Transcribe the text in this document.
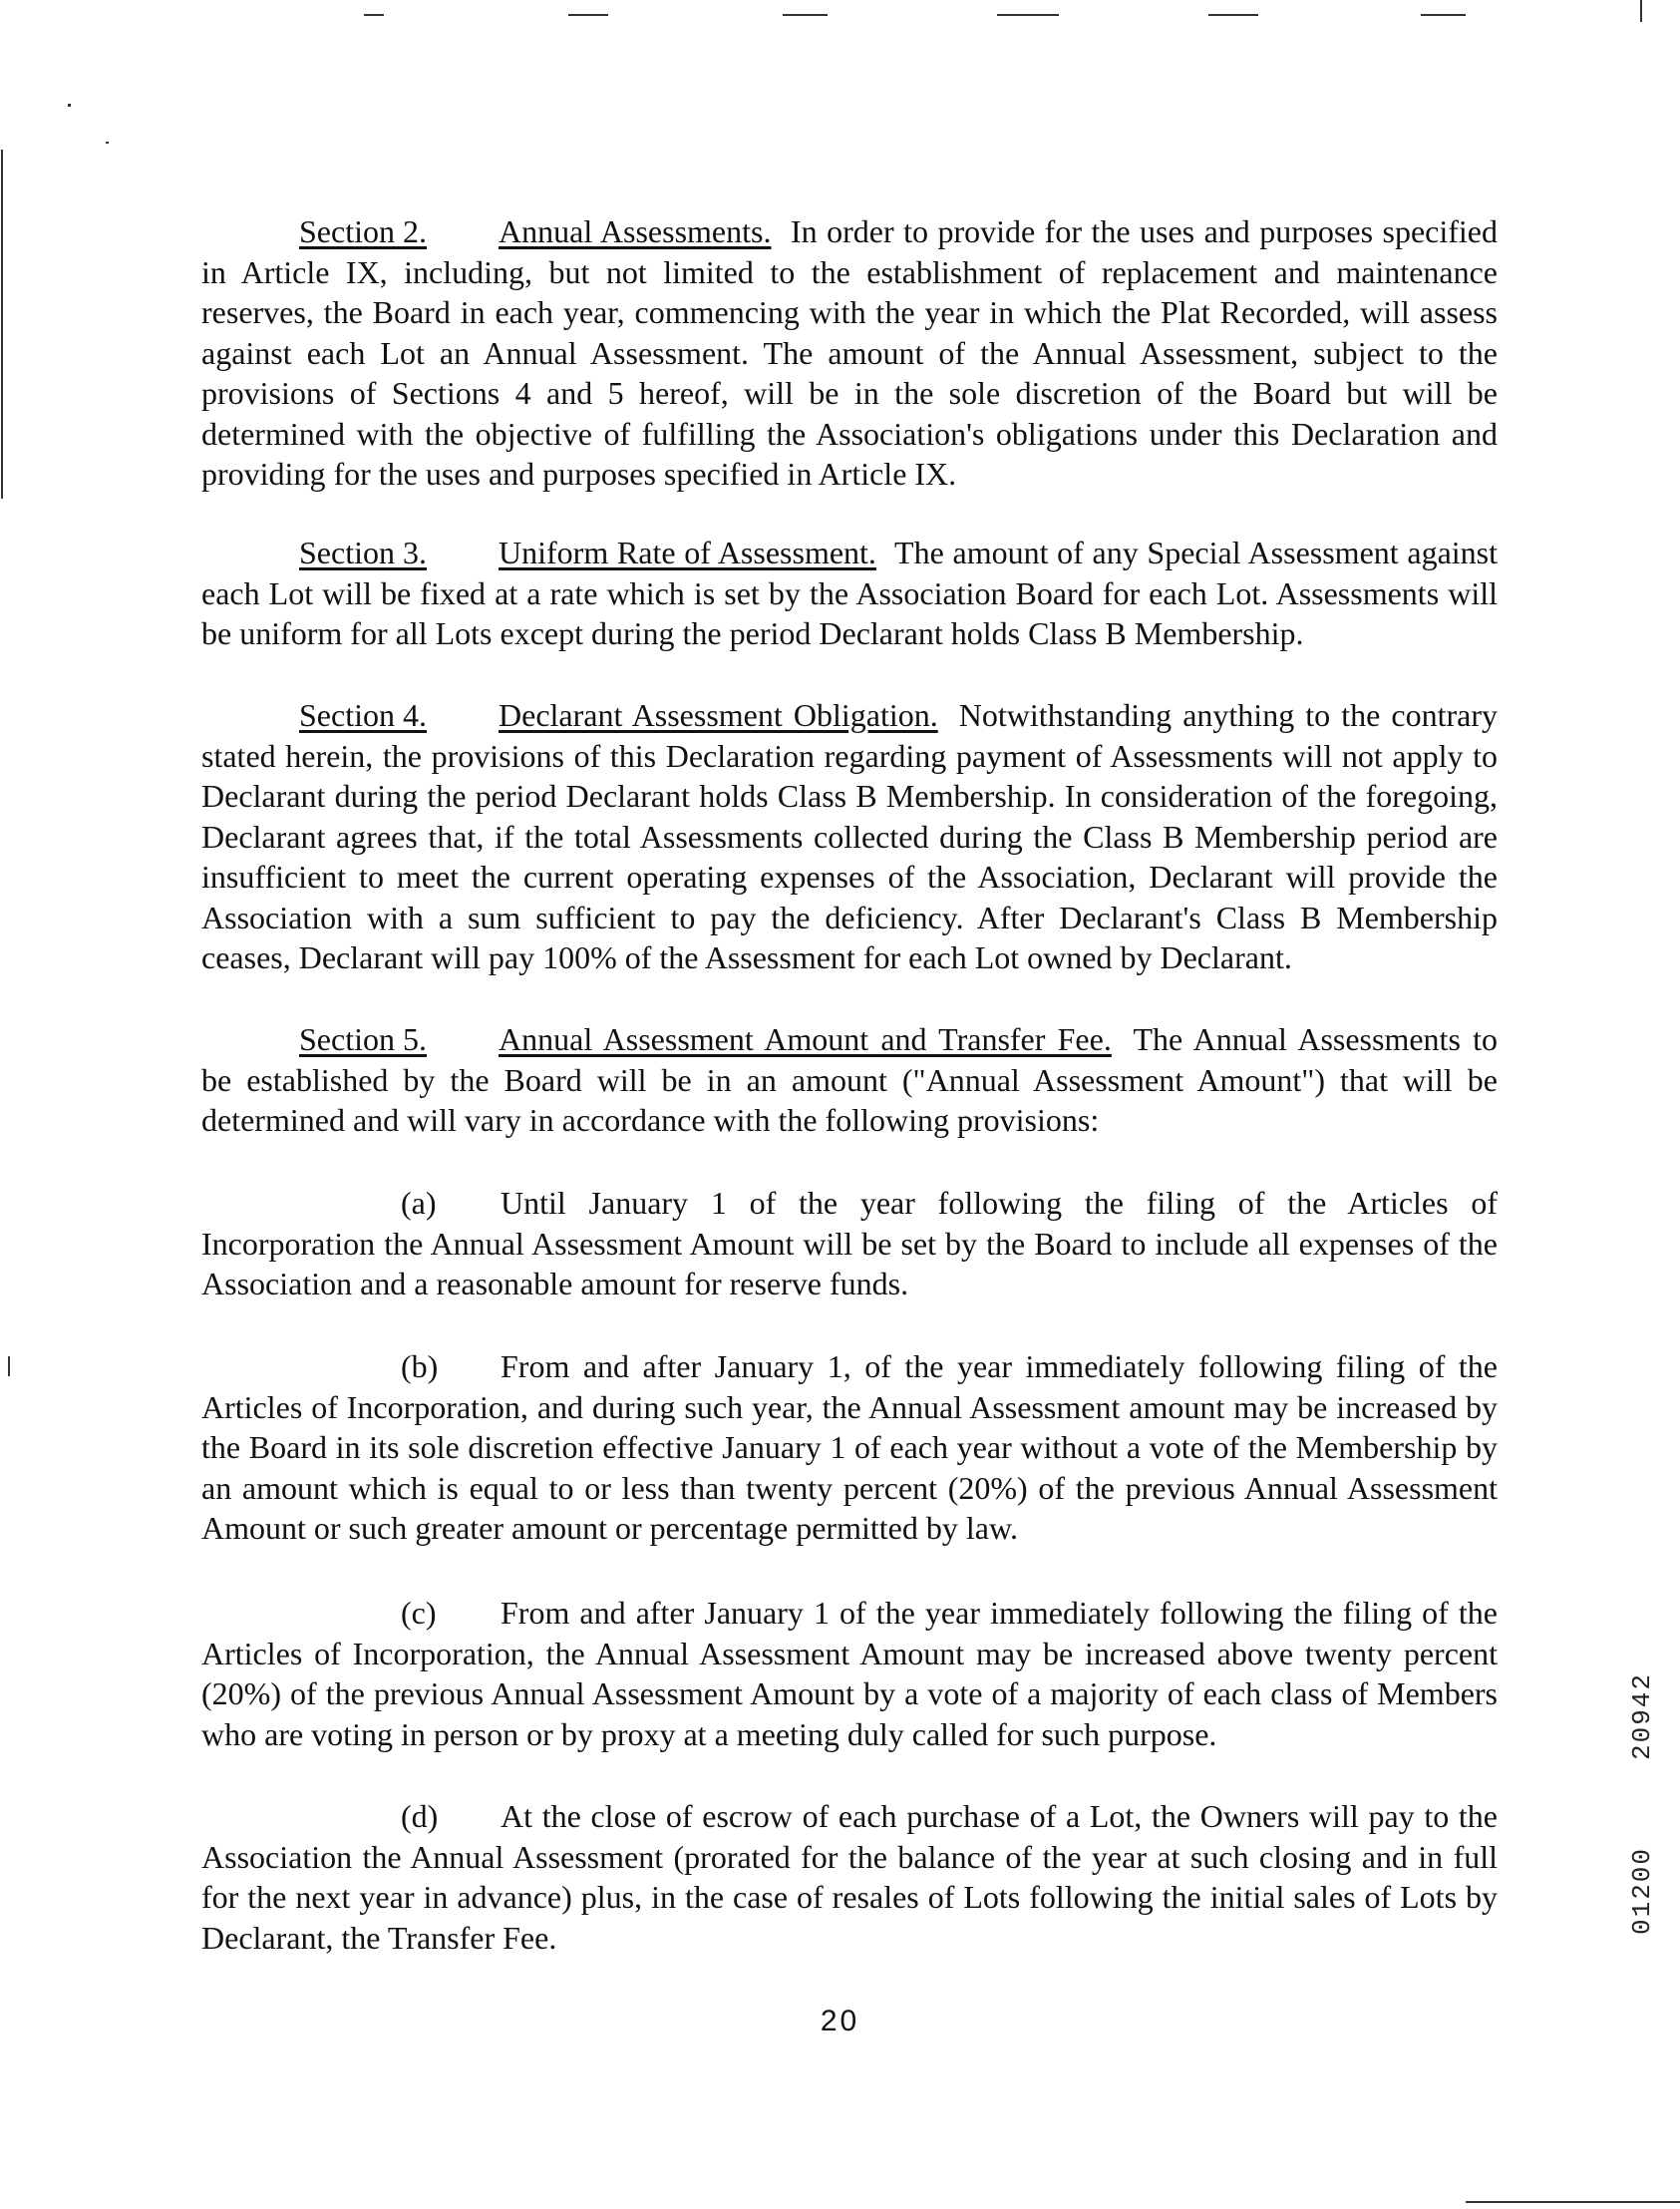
Section 2. Annual Assessments. In order to provide for the uses and purposes specified in Article IX, including, but not limited to the establishment of replacement and maintenance reserves, the Board in each year, commencing with the year in which the Plat Recorded, will assess against each Lot an Annual Assessment. The amount of the Annual Assessment, subject to the provisions of Sections 4 and 5 hereof, will be in the sole discretion of the Board but will be determined with the objective of fulfilling the Association's obligations under this Declaration and providing for the uses and purposes specified in Article IX.

Section 3. Uniform Rate of Assessment. The amount of any Special Assessment against each Lot will be fixed at a rate which is set by the Association Board for each Lot. Assessments will be uniform for all Lots except during the period Declarant holds Class B Membership.

Section 4. Declarant Assessment Obligation. Notwithstanding anything to the contrary stated herein, the provisions of this Declaration regarding payment of Assessments will not apply to Declarant during the period Declarant holds Class B Membership. In consideration of the foregoing, Declarant agrees that, if the total Assessments collected during the Class B Membership period are insufficient to meet the current operating expenses of the Association, Declarant will provide the Association with a sum sufficient to pay the deficiency. After Declarant's Class B Membership ceases, Declarant will pay 100% of the Assessment for each Lot owned by Declarant.

Section 5. Annual Assessment Amount and Transfer Fee. The Annual Assessments to be established by the Board will be in an amount ("Annual Assessment Amount") that will be determined and will vary in accordance with the following provisions:

(a) Until January 1 of the year following the filing of the Articles of Incorporation the Annual Assessment Amount will be set by the Board to include all expenses of the Association and a reasonable amount for reserve funds.

(b) From and after January 1, of the year immediately following filing of the Articles of Incorporation, and during such year, the Annual Assessment amount may be increased by the Board in its sole discretion effective January 1 of each year without a vote of the Membership by an amount which is equal to or less than twenty percent (20%) of the previous Annual Assessment Amount or such greater amount or percentage permitted by law.

(c) From and after January 1 of the year immediately following the filing of the Articles of Incorporation, the Annual Assessment Amount may be increased above twenty percent (20%) of the previous Annual Assessment Amount by a vote of a majority of each class of Members who are voting in person or by proxy at a meeting duly called for such purpose.

(d) At the close of escrow of each purchase of a Lot, the Owners will pay to the Association the Annual Assessment (prorated for the balance of the year at such closing and in full for the next year in advance) plus, in the case of resales of Lots following the initial sales of Lots by Declarant, the Transfer Fee.

20
20942
01200
